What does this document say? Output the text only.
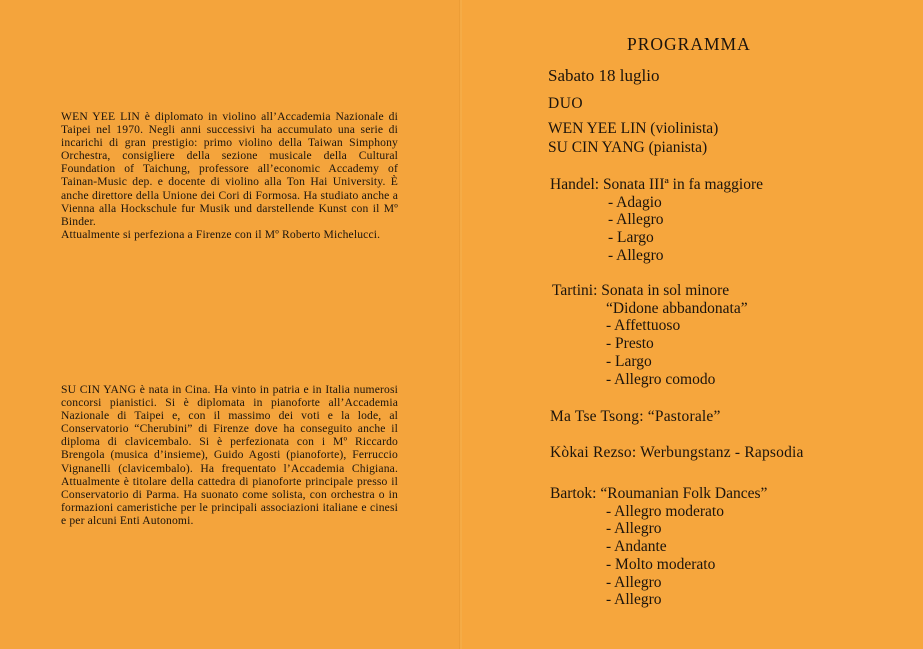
WEN YEE LIN è diplomato in violino all’Accademia Nazionale di Taipei nel 1970. Negli anni successivi ha accumulato una serie di incarichi di gran prestigio: primo violino della Taiwan Simphony Orchestra, consigliere della sezione musicale della Cultural Foundation of Taichung, professore all’economic Accademy of Tainan-Music dep. e docente di violino alla Ton Hai University. È anche direttore della Unione dei Cori di Formosa. Ha studiato anche a Vienna alla Hockschule fur Musik und darstellende Kunst con il Mº Binder.

Attualmente si perfeziona a Firenze con il Mº Roberto Michelucci.

SU CIN YANG è nata in Cina. Ha vinto in patria e in Italia numerosi concorsi pianistici. Si è diplomata in pianoforte all’Accademia Nazionale di Taipei e, con il massimo dei voti e la lode, al Conservatorio “Cherubini” di Firenze dove ha conseguito anche il diploma di clavicembalo. Si è perfezionata con i Mº Riccardo Brengola (musica d’insieme), Guido Agosti (pianoforte), Ferruccio Vignanelli (clavicembalo). Ha frequentato l’Accademia Chigiana. Attualmente è titolare della cattedra di pianoforte principale presso il Conservatorio di Parma. Ha suonato come solista, con orchestra o in formazioni cameristiche per le principali associazioni italiane e cinesi e per alcuni Enti Autonomi.

PROGRAMMA
Sabato 18 luglio
DUO
WEN YEE LIN (violinista)
SU CIN YANG (pianista)
Handel: Sonata IIIª in fa maggiore
- Adagio
- Allegro
- Largo
- Allegro
Tartini: Sonata in sol minore
“Didone abbandonata”
- Affettuoso
- Presto
- Largo
- Allegro comodo
Ma Tse Tsong: “Pastorale”
Kòkai Rezso: Werbungstanz - Rapsodia
Bartok: “Roumanian Folk Dances”
- Allegro moderato
- Allegro
- Andante
- Molto moderato
- Allegro
- Allegro
